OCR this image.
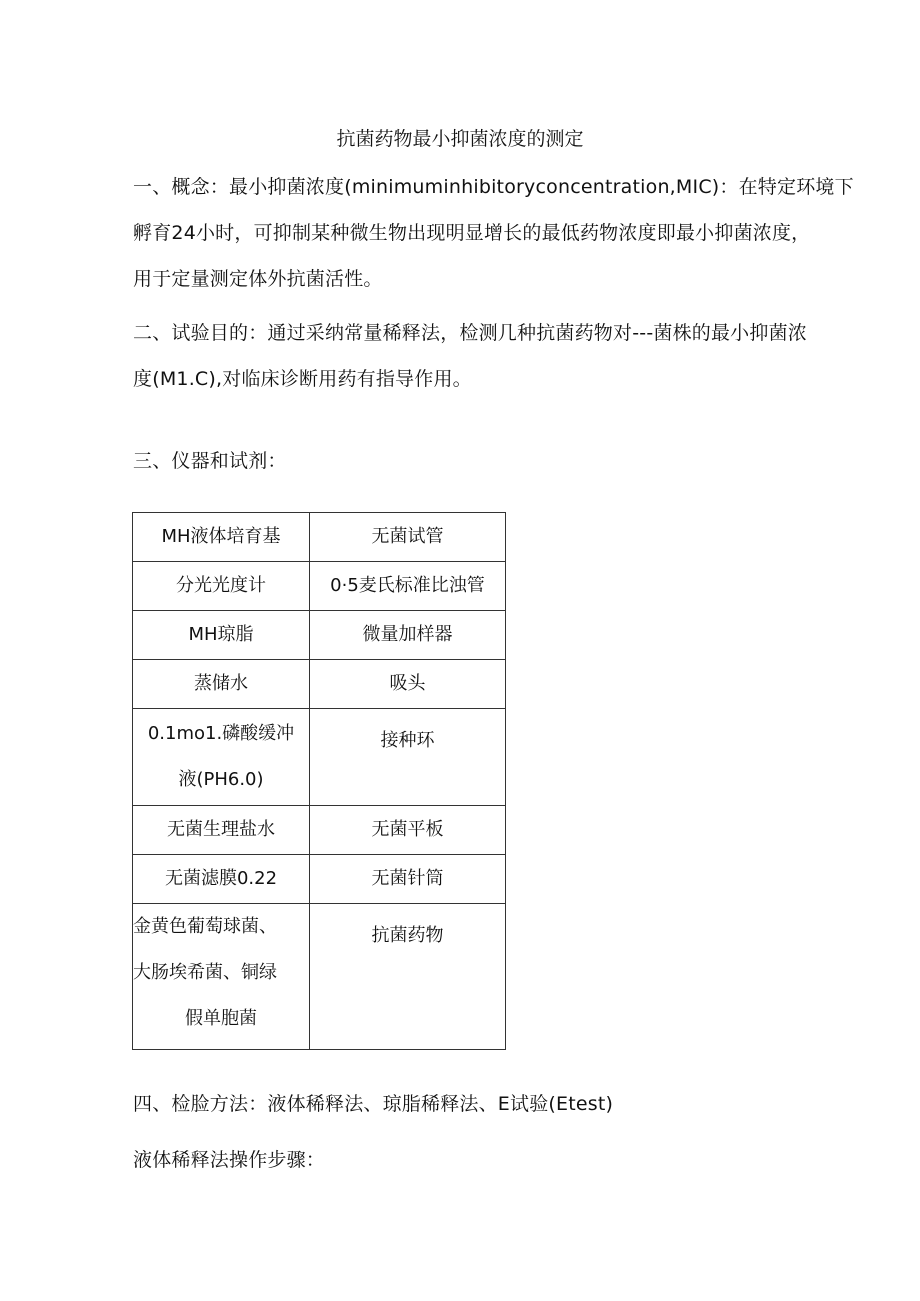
抗菌药物最小抑菌浓度的测定

一、概念：最小抑菌浓度(minimuminhibitoryconcentration,MIC)：在特定环境下
孵育24小时，可抑制某种微生物出现明显增长的最低药物浓度即最小抑菌浓度，
用于定量测定体外抗菌活性。

二、试验目的：通过采纳常量稀释法，检测几种抗菌药物对---菌株的最小抑菌浓
度(M1.C),对临床诊断用药有指导作用。

三、仪器和试剂：

MH液体培育基	无菌试管
分光光度计	0·5麦氏标准比浊管
MH琼脂	微量加样器
蒸储水	吸头

0.1mo1.磷酸缓冲
液(PH6.0)	接种环
无菌生理盐水	无菌平板
无菌滤膜0.22	无菌针筒

金黄色葡萄球菌、
大肠埃希菌、铜绿
假单胞菌	抗菌药物

四、检脸方法：液体稀释法、琼脂稀释法、E试验(Etest)

液体稀释法操作步骤：
